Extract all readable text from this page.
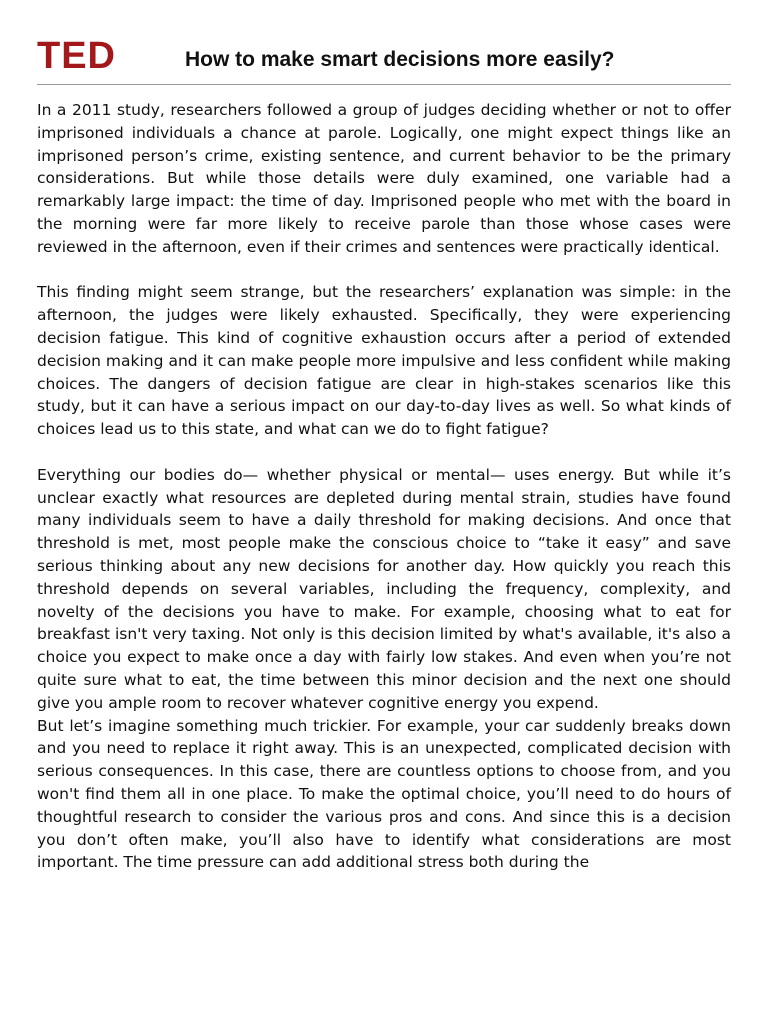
TED	How to make smart decisions more easily?

In a 2011 study, researchers followed a group of judges deciding whether or not to offer imprisoned individuals a chance at parole. Logically, one might expect things like an imprisoned person’s crime, existing sentence, and current behavior to be the primary considerations. But while those details were duly examined, one variable had a remarkably large impact: the time of day. Imprisoned people who met with the board in the morning were far more likely to receive parole than those whose cases were reviewed in the afternoon, even if their crimes and sentences were practically identical.

This finding might seem strange, but the researchers’ explanation was simple: in the afternoon, the judges were likely exhausted. Specifically, they were experiencing decision fatigue. This kind of cognitive exhaustion occurs after a period of extended decision making and it can make people more impulsive and less confident while making choices. The dangers of decision fatigue are clear in high-stakes scenarios like this study, but it can have a serious impact on our day-to-day lives as well. So what kinds of choices lead us to this state, and what can we do to fight fatigue?

Everything our bodies do— whether physical or mental— uses energy. But while it’s unclear exactly what resources are depleted during mental strain, studies have found many individuals seem to have a daily threshold for making decisions. And once that threshold is met, most people make the conscious choice to “take it easy” and save serious thinking about any new decisions for another day. How quickly you reach this threshold depends on several variables, including the frequency, complexity, and novelty of the decisions you have to make. For example, choosing what to eat for breakfast isn't very taxing. Not only is this decision limited by what's available, it's also a choice you expect to make once a day with fairly low stakes. And even when you’re not quite sure what to eat, the time between this minor decision and the next one should give you ample room to recover whatever cognitive energy you expend.

But let’s imagine something much trickier. For example, your car suddenly breaks down and you need to replace it right away. This is an unexpected, complicated decision with serious consequences. In this case, there are countless options to choose from, and you won't find them all in one place. To make the optimal choice, you’ll need to do hours of thoughtful research to consider the various pros and cons. And since this is a decision you don’t often make, you’ll also have to identify what considerations are most important. The time pressure can add additional stress both during the
